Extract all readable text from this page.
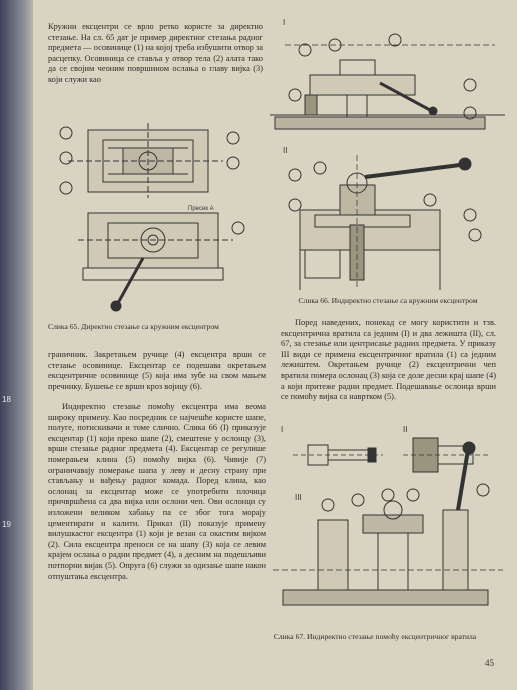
18
19

Кружни ексцентри се врло ретко користе за директно стезање. На сл. 65 дат је пример директног стезања радног предмета — осовинице (1) на којој треба избушити отвор за расцепку. Осовиница се ставља у отвор тела (2) алата тако да се својим чеоним површином ослања о главу вијка (3) који служи као

Пресек А

Слика 65. Директно стезање са кружним ексцентром

граничник. Закретањем ручице (4) ексцентра врши се стезање осовинице. Ексцентар се подешава окретањем ексцентричне осовинице (5) која има зубе на свом мањем пречнику. Бушење се врши кроз војицу (6).

Индиректно стезање помоћу ексцентра има веома широку примену. Као посредник се најчешће користе шапе, полуге, потискивачи и томе слично. Слика 66 (I) приказује ексцентар (1) који преко шапе (2), смештене у ослонцу (3), врши стезање радног предмета (4). Ексцентар се регулише померањем клина (5) помоћу вијка (6). Чивије (7) ограничавају померање шапа у леву и десну страну при стављању и вађењу радног комада. Поред клина, као ослонац за ексцентар може се употребити плочица причвршћена са два вијка или ослони чеп. Ови ослонци су изложени великом хабању па се због тога морају цементирати и калити. Приказ (II) показује примену вилушкастог ексцентра (1) који је везан са окастим вијком (2). Сила ексцентра преноси се на шапу (3) која се левим крајем ослања о радни предмет (4), а десним на подешљиви потпорни вијак (5). Опруга (6) служи за одизање шапе након отпуштања ексцентра.

I
II

Слика 66. Индиректно стезање са кружним ексцентром

Поред наведених, понекад се могу користити и тзв. ексцентрична вратила са једним (I) и два лежишта (II), сл. 67, за стезање или центрисање радних предмета. У приказу III види се примена ексцентричног вратила (1) са једним лежиштем. Окретањем ручице (2) ексцентрични чеп вратила помера ослонац (3) која се доле десни крај шапе (4) а који притеже радни предмет. Подешавање ослонца врши се помоћу вијка са навртком (5).

I	II
III

Слика 67. Индиректно стезање помоћу ексцентричног вратила

45
